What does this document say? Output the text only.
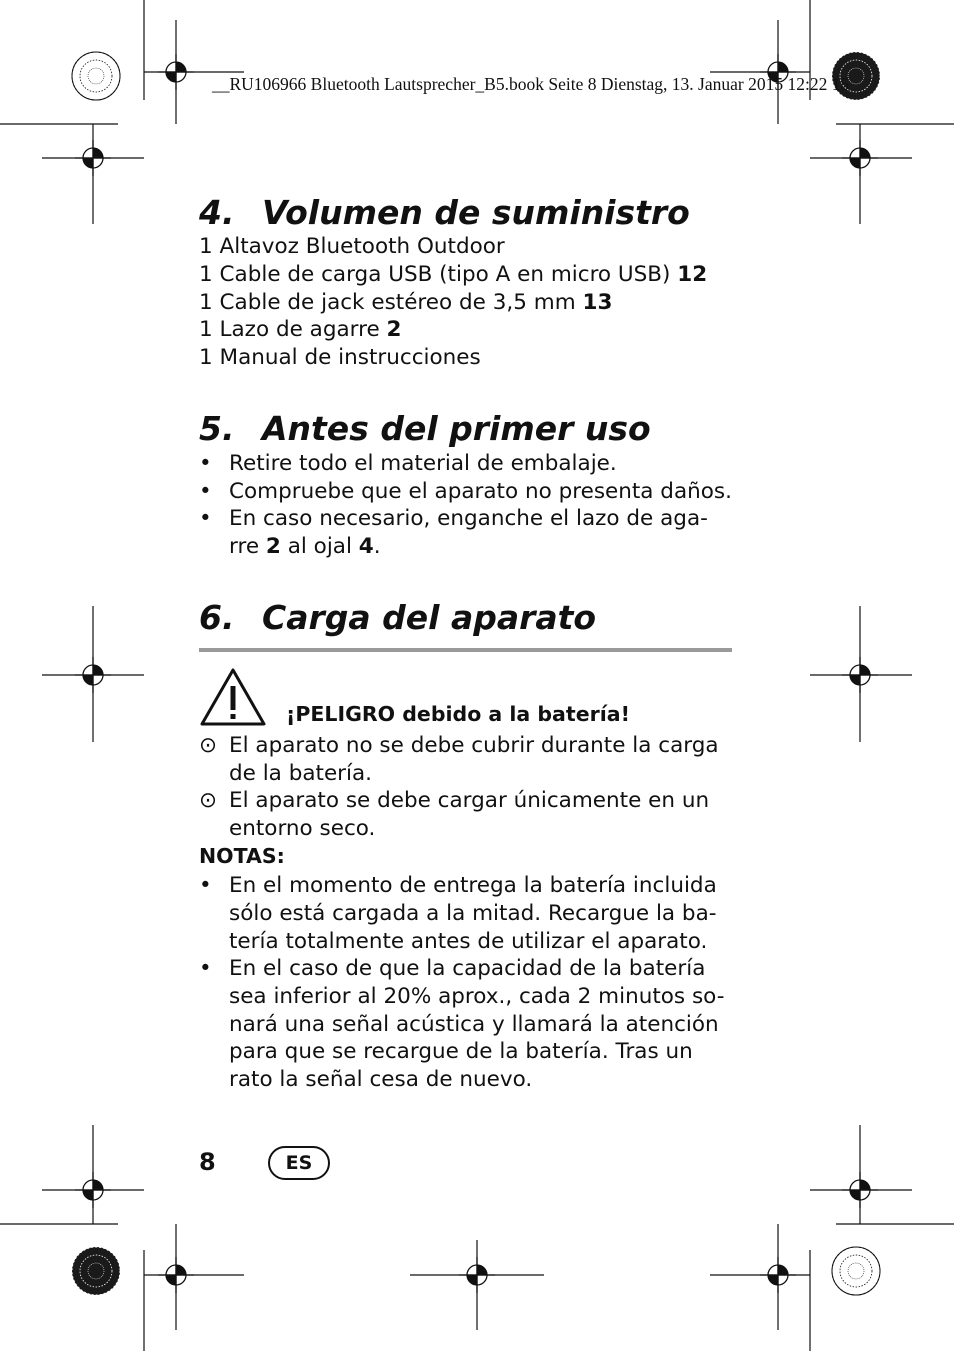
__RU106966 Bluetooth Lautsprecher_B5.book Seite 8 Dienstag, 13. Januar 2015 12:22 15
4. Volumen de suministro
1 Altavoz Bluetooth Outdoor
1 Cable de carga USB (tipo A en micro USB) 12
1 Cable de jack estéreo de 3,5 mm 13
1 Lazo de agarre 2
1 Manual de instrucciones
5. Antes del primer uso
• Retire todo el material de embalaje.
• Compruebe que el aparato no presenta daños.
• En caso necesario, enganche el lazo de aga-
rre 2 al ojal 4.
6. Carga del aparato
¡PELIGRO debido a la batería!
⊙ El aparato no se debe cubrir durante la carga
de la batería.
⊙ El aparato se debe cargar únicamente en un
entorno seco.
NOTAS:
• En el momento de entrega la batería incluida
sólo está cargada a la mitad. Recargue la ba-
tería totalmente antes de utilizar el aparato.
• En el caso de que la capacidad de la batería
sea inferior al 20% aprox., cada 2 minutos so-
nará una señal acústica y llamará la atención
para que se recargue de la batería. Tras un
rato la señal cesa de nuevo.
8	ES
